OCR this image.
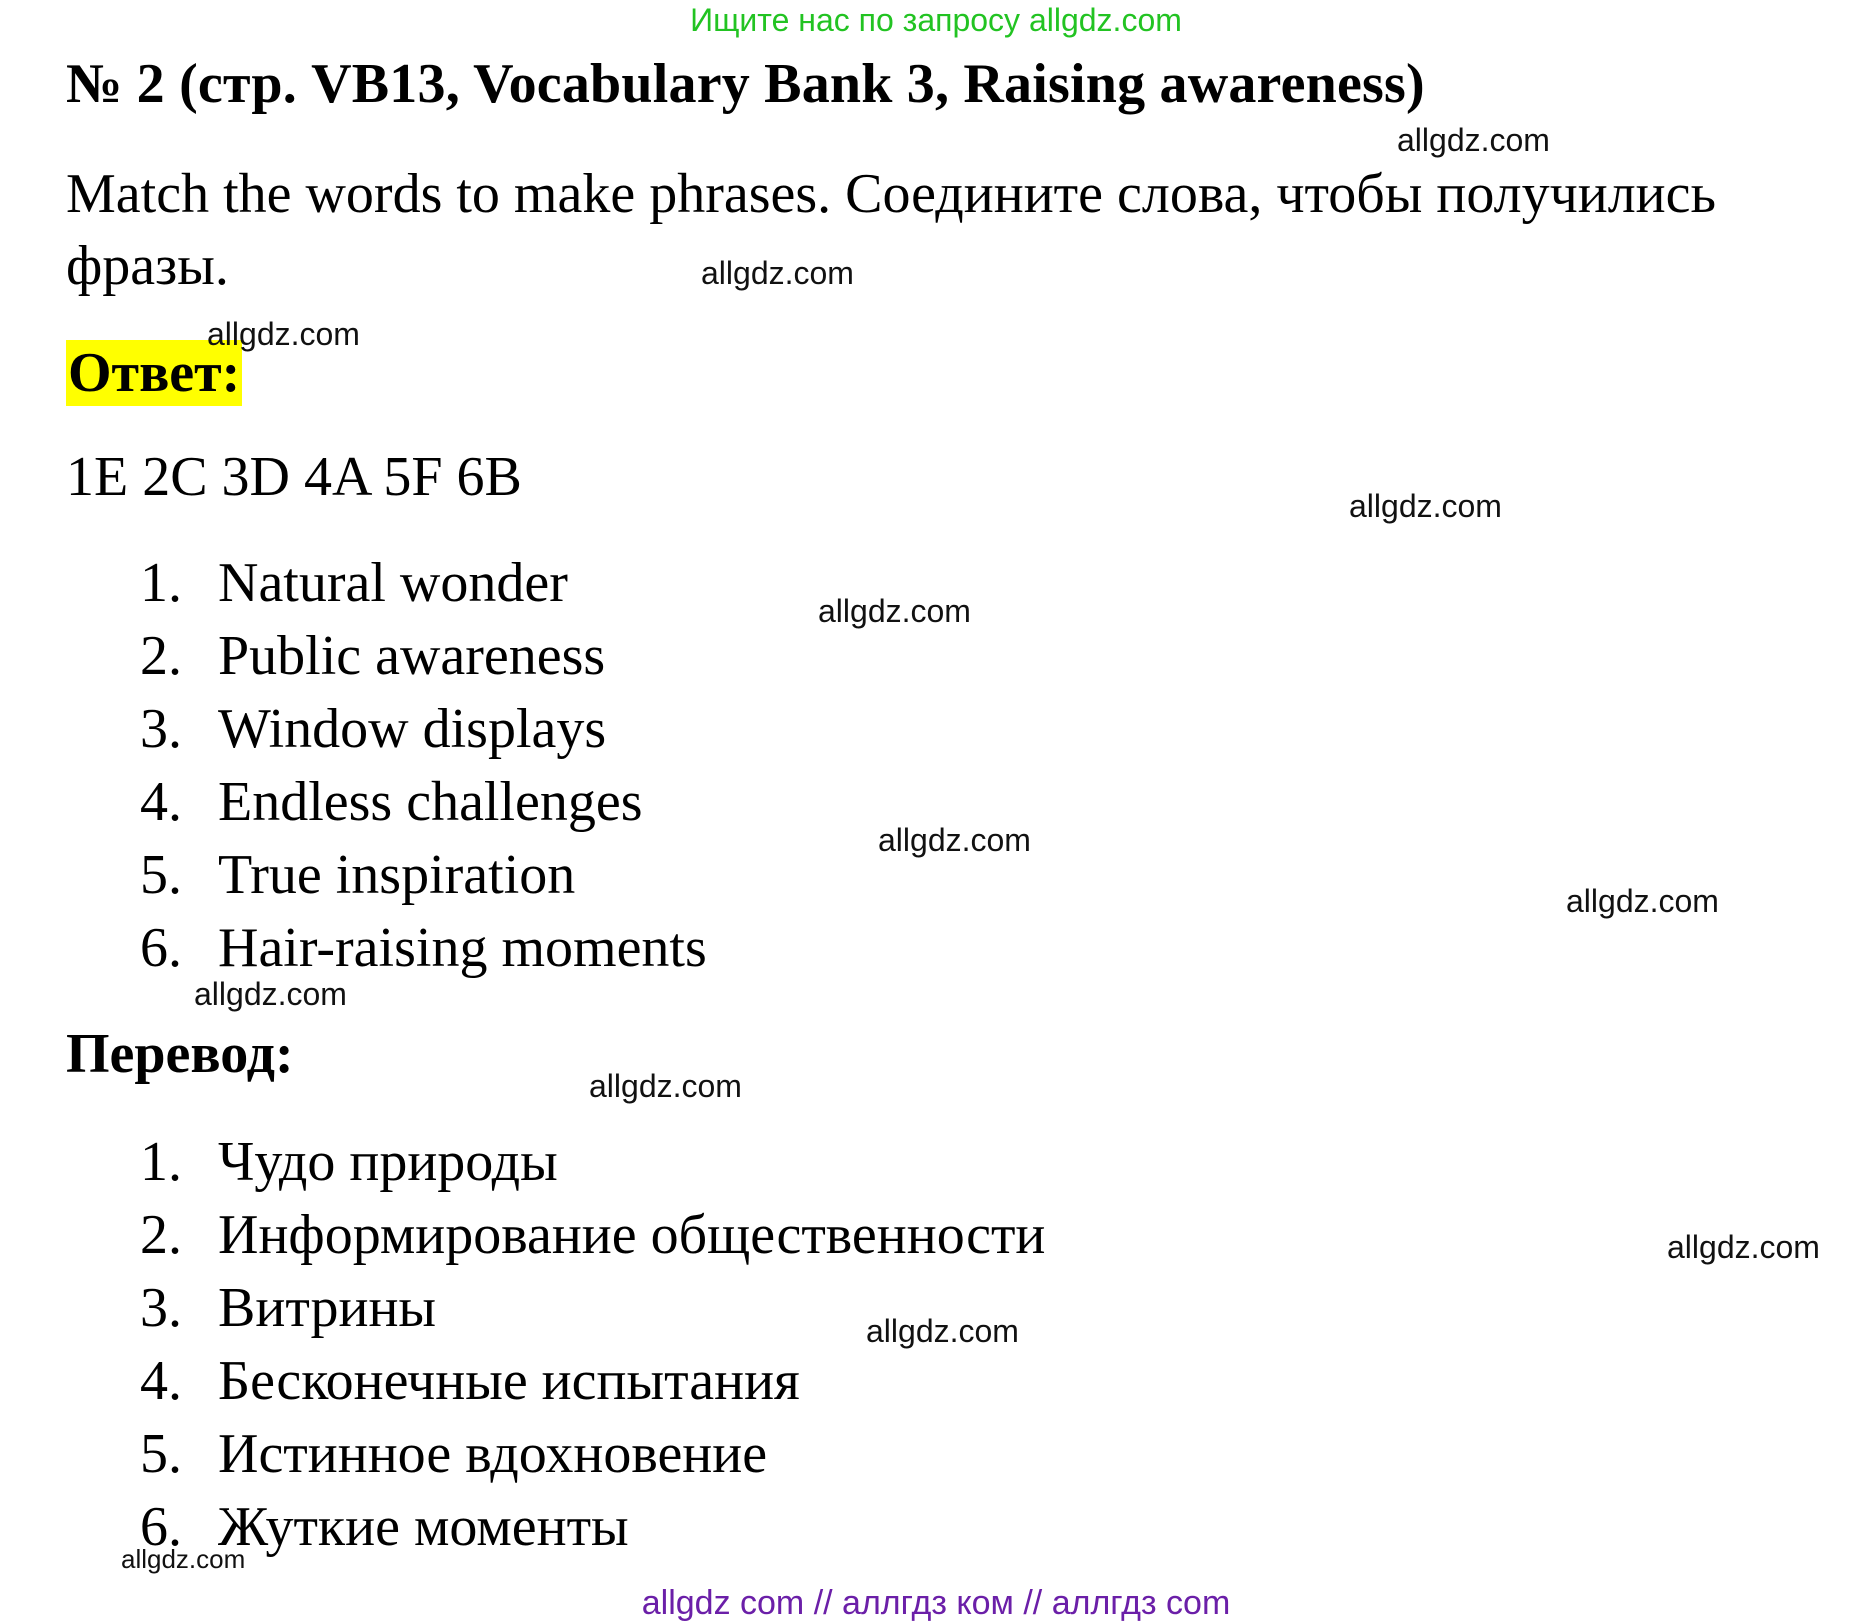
Ищите нас по запросу allgdz.com
№ 2 (стр. VB13, Vocabulary Bank 3, Raising awareness)
Match the words to make phrases. Соедините слова, чтобы получились фразы.
Ответ:
1E 2C 3D 4A 5F 6B
1. Natural wonder
2. Public awareness
3. Window displays
4. Endless challenges
5. True inspiration
6. Hair-raising moments
Перевод:
1. Чудо природы
2. Информирование общественности
3. Витрины
4. Бесконечные испытания
5. Истинное вдохновение
6. Жуткие моменты
allgdz.com
allgdz.com
allgdz.com
allgdz.com
allgdz.com
allgdz.com
allgdz.com
allgdz.com
allgdz.com
allgdz.com
allgdz.com
allgdz.com
allgdz com // аллгдз ком // аллгдз com
